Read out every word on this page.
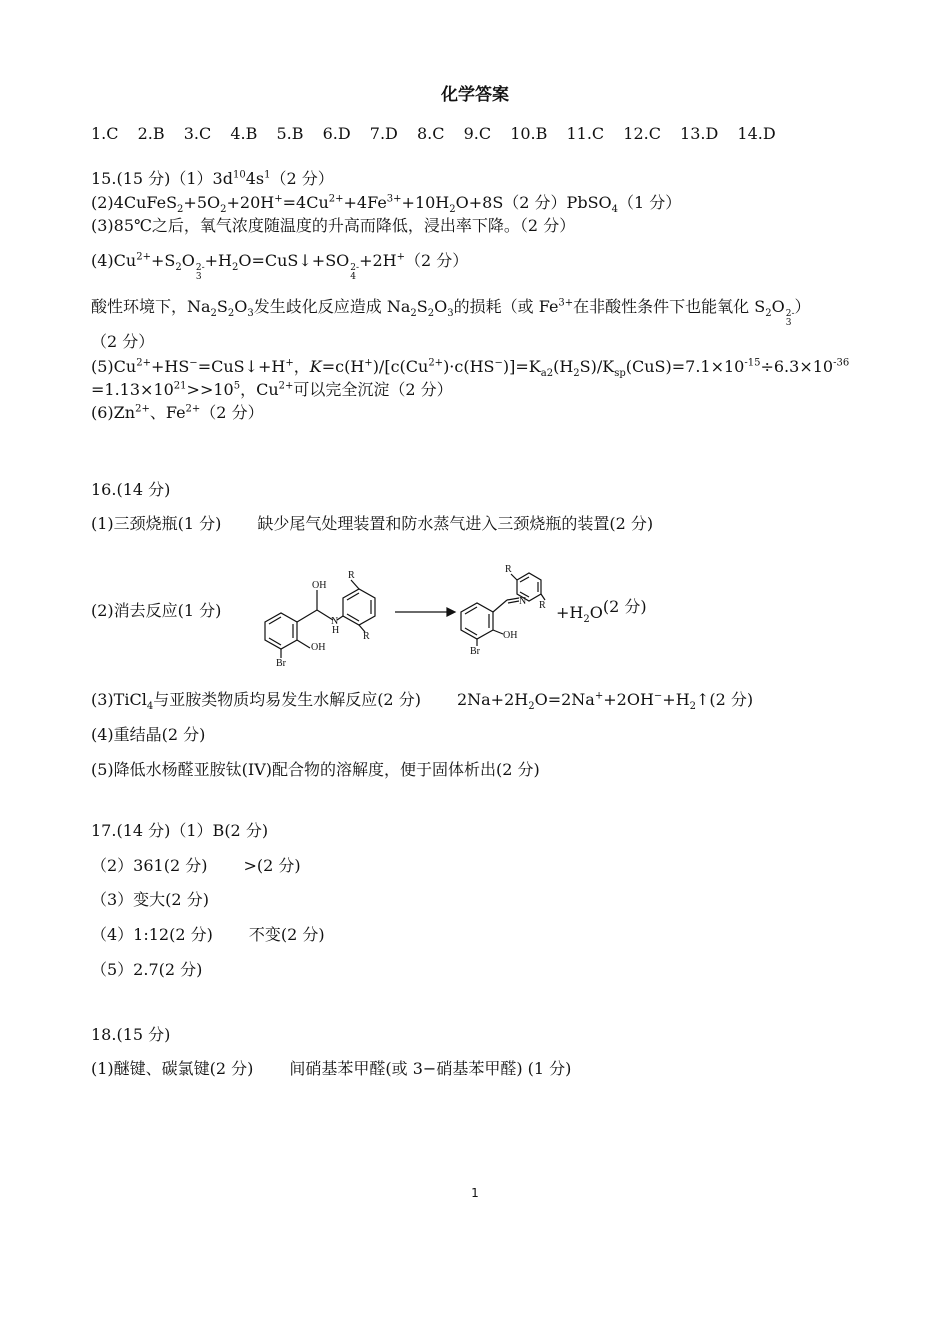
化学答案
1.C 2.B 3.C 4.B 5.B 6.D 7.D 8.C 9.C 10.B 11.C 12.C 13.D 14.D
15.(15 分)$(1)3d^{10}4s^1(2$ 分）
$(2)4CuFeS_2+5O_2+20H^+=4Cu^{2+}+4Fe^{3+}+10H_2O+8S(2$ 分）PbSO$_4$（1 分）
(3)85℃之后，氧气浓度随温度的升高而降低，浸出率下降。（2 分）
$(4)Cu^{2+}+S_2O$ 2-
3
$+H_2O=CuS↓+SO$ 2-
4
+2H+（2 分）
酸性环境下，$Na_2S_2O_3$发生歧化反应造成 $Na_2S_2O_3$的损耗（或 $Fe^{3+}$在非酸性条件下也能氧化 $S_2O$ 2-
3
）
（2 分）
$(5)Cu^{2+}+HS^-=CuS↓+H^+$，$K=c(H^+)/[c(Cu^{2+})\cdot c(HS^-)]=K_{a2}(H_2S)/K_{sp}(CuS)=7.1\times 10^{-15}\div 6.3\times 10^{-36}$
$=1.13\times 10^{21}>>10^5$，$Cu^{2+}$可以完全沉淀（2 分）
$(6)Zn^{2+}$、$Fe^{2+}(2$ 分）
16.(14 分)
(1)三颈烧瓶(1 分) 缺少尾气处理装置和防水蒸气进入三颈烧瓶的装置(2 分)
(2)消去反应(1 分)
OH
R
N
H
R
OH
Br
R
R
N
OH
Br
$+H_2O(2$ 分)
(3)TiCl$_4$与亚胺类物质均易发生水解反应(2 分) $2Na+2H_2O=2Na^++2OH^-+H_2↑(2$ 分)
(4)重结晶(2 分)
(5)降低水杨醛亚胺钛(IV)配合物的溶解度，便于固体析出(2 分)
17.(14 分)（1）B(2 分)
（2）361(2 分) >(2 分)
（3）变大(2 分)
（4）1:12(2 分) 不变(2 分)
（5）2.7(2 分)
18.(15 分)
(1)醚键、碳氯键(2 分) 间硝基苯甲醛(或 3−硝基苯甲醛) (1 分)
1
